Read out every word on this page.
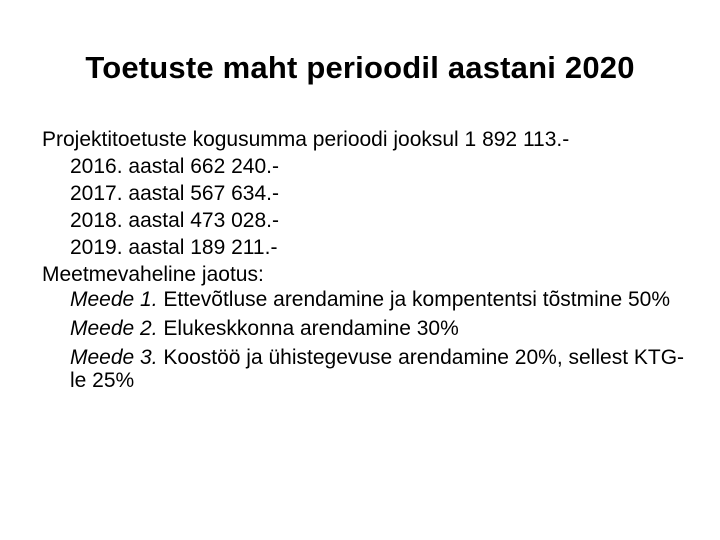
Toetuste maht perioodil aastani 2020
Projektitoetuste kogusumma perioodi jooksul 1 892 113.-
2016. aastal 662 240.-
2017. aastal 567 634.-
2018. aastal 473 028.-
2019. aastal 189 211.-
Meetmevaheline jaotus:
Meede 1. Ettevõtluse arendamine ja kompententsi tõstmine 50%
Meede 2. Elukeskkonna arendamine 30%
Meede 3. Koostöö ja ühistegevuse arendamine 20%, sellest KTG-le 25%
